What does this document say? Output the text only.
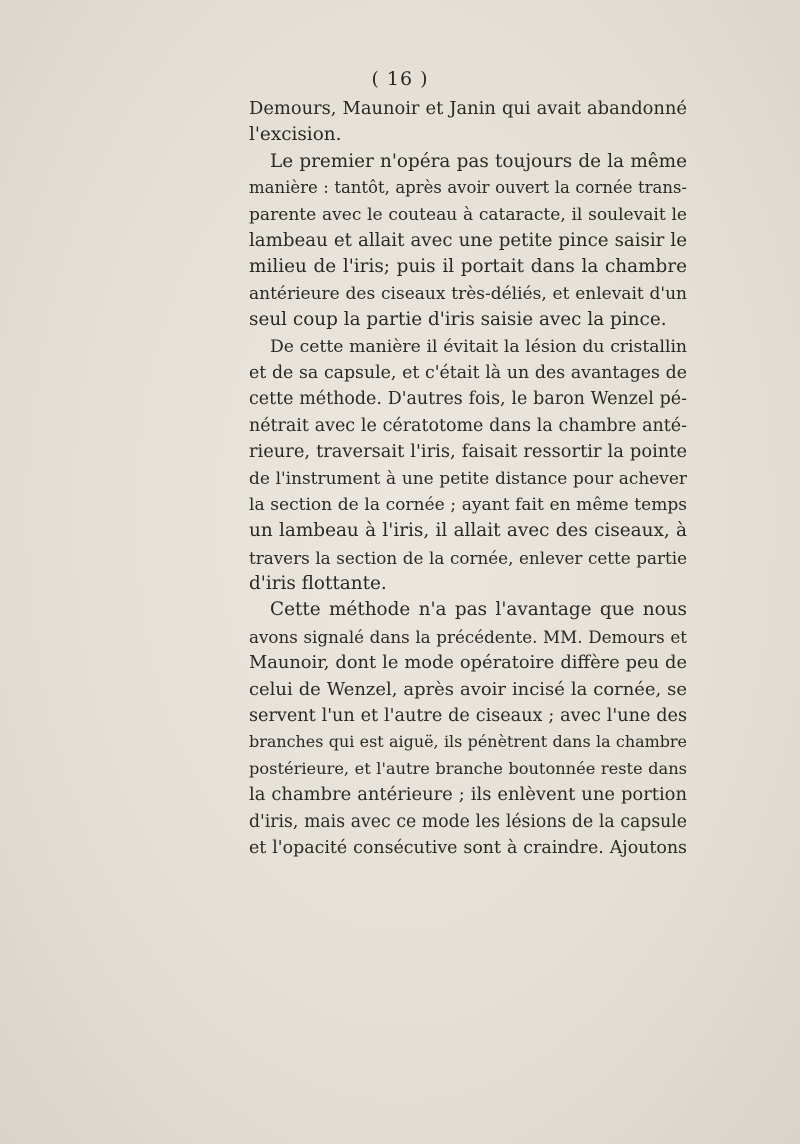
( 16 )
Demours, Maunoir et Janin qui avait abandonné
l'excision.
Le premier n'opéra pas toujours de la même
manière : tantôt, après avoir ouvert la cornée trans-
parente avec le couteau à cataracte, il soulevait le
lambeau et allait avec une petite pince saisir le
milieu de l'iris; puis il portait dans la chambre
antérieure des ciseaux très-déliés, et enlevait d'un
seul coup la partie d'iris saisie avec la pince.
De cette manière il évitait la lésion du cristallin
et de sa capsule, et c'était là un des avantages de
cette méthode. D'autres fois, le baron Wenzel pé-
nétrait avec le cératotome dans la chambre anté-
rieure, traversait l'iris, faisait ressortir la pointe
de l'instrument à une petite distance pour achever
la section de la cornée ; ayant fait en même temps
un lambeau à l'iris, il allait avec des ciseaux, à
travers la section de la cornée, enlever cette partie
d'iris flottante.
Cette méthode n'a pas l'avantage que nous
avons signalé dans la précédente. MM. Demours et
Maunoir, dont le mode opératoire diffère peu de
celui de Wenzel, après avoir incisé la cornée, se
servent l'un et l'autre de ciseaux ; avec l'une des
branches qui est aiguë, ils pénètrent dans la chambre
postérieure, et l'autre branche boutonnée reste dans
la chambre antérieure ; ils enlèvent une portion
d'iris, mais avec ce mode les lésions de la capsule
et l'opacité consécutive sont à craindre. Ajoutons
